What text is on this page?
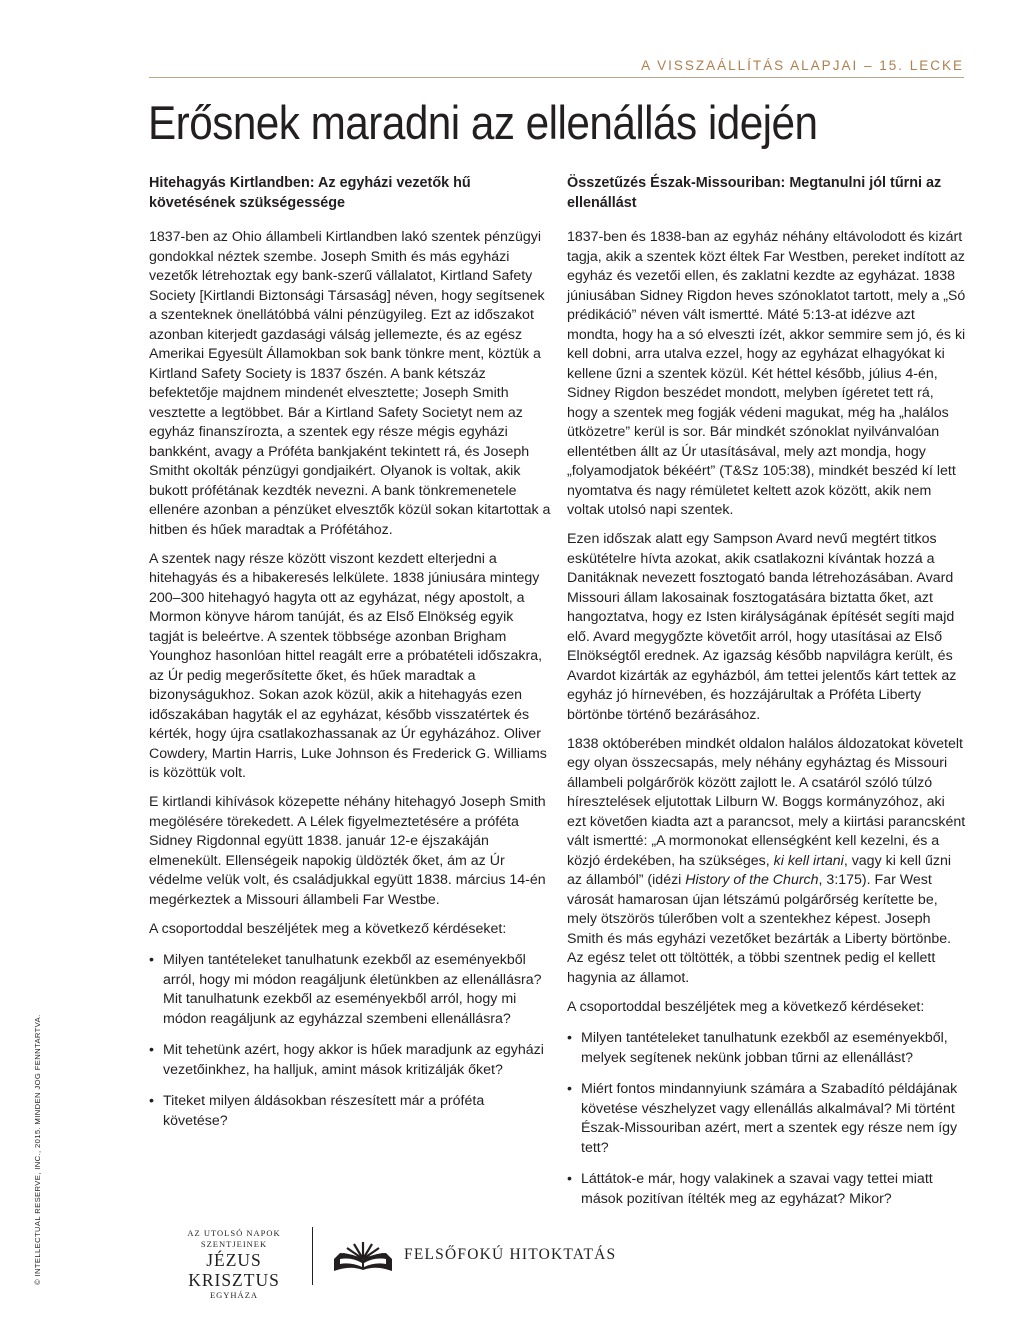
A VISSZAÁLLÍTÁS ALAPJAI – 15. LECKE
Erősnek maradni az ellenállás idején
Hitehagyás Kirtlandben: Az egyházi vezetők hű követésének szükségessége

1837-ben az Ohio állambeli Kirtlandben lakó szentek pénzügyi gondokkal néztek szembe. Joseph Smith és más egyházi vezetők létrehoztak egy bank-szerű vállalatot, Kirtland Safety Society [Kirtlandi Biztonsági Társaság] néven, hogy segítsenek a szenteknek önellátóbbá válni pénzügyileg. Ezt az időszakot azonban kiterjedt gazdasági válság jellemezte, és az egész Amerikai Egyesült Államokban sok bank tönkre ment, köztük a Kirtland Safety Society is 1837 őszén. A bank kétszáz befektetője majdnem mindenét elvesztette; Joseph Smith vesztette a legtöbbet. Bár a Kirtland Safety Societyt nem az egyház finanszírozta, a szentek egy része mégis egyházi bankként, avagy a Próféta bankjaként tekintett rá, és Joseph Smitht okolták pénzügyi gondjaikért. Olyanok is voltak, akik bukott prófétának kezdték nevezni. A bank tönkremenetele ellenére azonban a pénzüket elvesztők közül sokan kitartottak a hitben és hűek maradtak a Prófétához.

A szentek nagy része között viszont kezdett elterjedni a hitehagyás és a hibakeresés lelkülete. 1838 júniusára mintegy 200–300 hitehagyó hagyta ott az egyházat, négy apostolt, a Mormon könyve három tanúját, és az Első Elnökség egyik tagját is beleértve. A szentek többsége azonban Brigham Younghoz hasonlóan hittel reagált erre a próbatételi időszakra, az Úr pedig megerősítette őket, és hűek maradtak a bizonyságukhoz. Sokan azok közül, akik a hitehagyás ezen időszakában hagyták el az egyházat, később visszatértek és kérték, hogy újra csatlakozhassanak az Úr egyházához. Oliver Cowdery, Martin Harris, Luke Johnson és Frederick G. Williams is közöttük volt.

E kirtlandi kihívások közepette néhány hitehagyó Joseph Smith megölésére törekedett. A Lélek figyelmeztetésére a próféta Sidney Rigdonnal együtt 1838. január 12-e éjszakáján elmenekült. Ellenségeik napokig üldözték őket, ám az Úr védelme velük volt, és családjukkal együtt 1838. március 14-én megérkeztek a Missouri állambeli Far Westbe.

A csoportoddal beszéljétek meg a következő kérdéseket:

• Milyen tantételeket tanulhatunk ezekből az eseményekből arról, hogy mi módon reagáljunk életünkben az ellenállásra? Mit tanulhatunk ezekből az eseményekből arról, hogy mi módon reagáljunk az egyházzal szembeni ellenállásra?
• Mit tehetünk azért, hogy akkor is hűek maradjunk az egyházi vezetőinkhez, ha halljuk, amint mások kritizálják őket?
• Titeket milyen áldásokban részesített már a próféta követése?
Összetűzés Észak-Missouriban: Megtanulni jól tűrni az ellenállást

1837-ben és 1838-ban az egyház néhány eltávolodott és kizárt tagja, akik a szentek közt éltek Far Westben, pereket indított az egyház és vezetői ellen, és zaklatni kezdte az egyházat. 1838 júniusában Sidney Rigdon heves szónoklatot tartott, mely a „Só prédikáció” néven vált ismertté. Máté 5:13-at idézve azt mondta, hogy ha a só elveszti ízét, akkor semmire sem jó, és ki kell dobni, arra utalva ezzel, hogy az egyházat elhagyókat ki kellene űzni a szentek közül. Két héttel később, július 4-én, Sidney Rigdon beszédet mondott, melyben ígéretet tett rá, hogy a szentek meg fogják védeni magukat, még ha „halálos ütközetre” kerül is sor. Bár mindkét szónoklat nyilvánvalóan ellentétben állt az Úr utasításával, mely azt mondja, hogy „folyamodjatok békéért” (T&Sz 105:38), mindkét beszéd kí lett nyomtatva és nagy rémületet keltett azok között, akik nem voltak utolsó napi szentek.

Ezen időszak alatt egy Sampson Avard nevű megtért titkos eskütételre hívta azokat, akik csatlakozni kívántak hozzá a Danitáknak nevezett fosztogató banda létrehozásában. Avard Missouri állam lakosainak fosztogatására biztatta őket, azt hangoztatva, hogy ez Isten királyságának építését segíti majd elő. Avard megygőzte követőit arról, hogy utasításai az Első Elnökségtől erednek. Az igazság később napvilágra került, és Avardot kizárták az egyházból, ám tettei jelentős kárt tettek az egyház jó hírnevében, és hozzájárultak a Próféta Liberty börtönbe történő bezárásához.

1838 októberében mindkét oldalon halálos áldozatokat követelt egy olyan összecsapás, mely néhány egyháztag és Missouri állambeli polgárőrök között zajlott le. A csatáról szóló túlzó híresztelések eljutottak Lilburn W. Boggs kormányzóhoz, aki ezt követően kiadta azt a parancsot, mely a kiirtási parancsként vált ismertté: „A mormonokat ellenségként kell kezelni, és a közjó érdekében, ha szükséges, ki kell irtani, vagy ki kell űzni az államból” (idézi History of the Church, 3:175). Far West városát hamarosan újan létszámú polgárőrség kerítette be, mely ötszörös túlerőben volt a szentekhez képest. Joseph Smith és más egyházi vezetőket bezárták a Liberty börtönbe. Az egész telet ott töltötték, a többi szentnek pedig el kellett hagynia az államot.

A csoportoddal beszéljétek meg a következő kérdéseket:

• Milyen tantételeket tanulhatunk ezekből az eseményekből, melyek segítenek nekünk jobban tűrni az ellenállást?
• Miért fontos mindannyiunk számára a Szabadító példájának követése vészhelyzet vagy ellenállás alkalmával? Mi történt Észak-Missouriban azért, mert a szentek egy része nem így tett?
• Láttátok-e már, hogy valakinek a szavai vagy tettei miatt mások pozitívan ítélték meg az egyházat? Mikor?
© INTELLECTUAL RESERVE, INC., 2015. MINDEN JOG FENNTARTVA.	AZ UTOLSÓ NAPOK
SZENTJEINEK
JÉZUS KRISZTUS
EGYHÁZA
FELSŐFOKÚ HITOKTATÁS
